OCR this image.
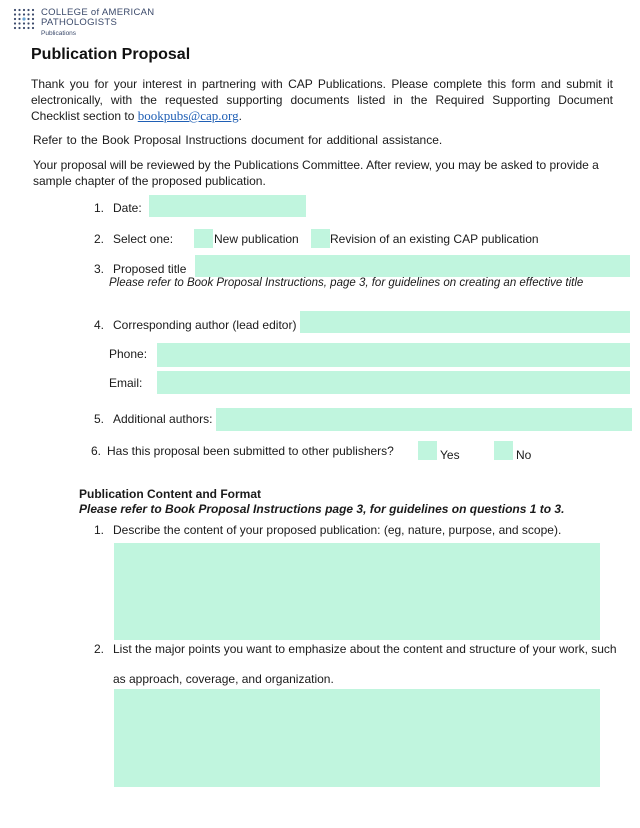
COLLEGE of AMERICAN
PATHOLOGISTS
Publications
Publication Proposal
Thank you for your interest in partnering with CAP Publications. Please complete this form and submit it electronically, with the requested supporting documents listed in the Required Supporting Document Checklist section to bookpubs@cap.org.
Refer to the Book Proposal Instructions document for additional assistance.
Your proposal will be reviewed by the Publications Committee. After review, you may be asked to provide a sample chapter of the proposed publication.
1. Date:
2. Select one:	New publication	Revision of an existing CAP publication
3. Proposed title
Please refer to Book Proposal Instructions, page 3, for guidelines on creating an effective title
4. Corresponding author (lead editor)
Phone:
Email:
5. Additional authors:
6. Has this proposal been submitted to other publishers?	Yes	No
Publication Content and Format
Please refer to Book Proposal Instructions page 3, for guidelines on questions 1 to 3.
1. Describe the content of your proposed publication: (eg, nature, purpose, and scope).
2. List the major points you want to emphasize about the content and structure of your work, such
as approach, coverage, and organization.
